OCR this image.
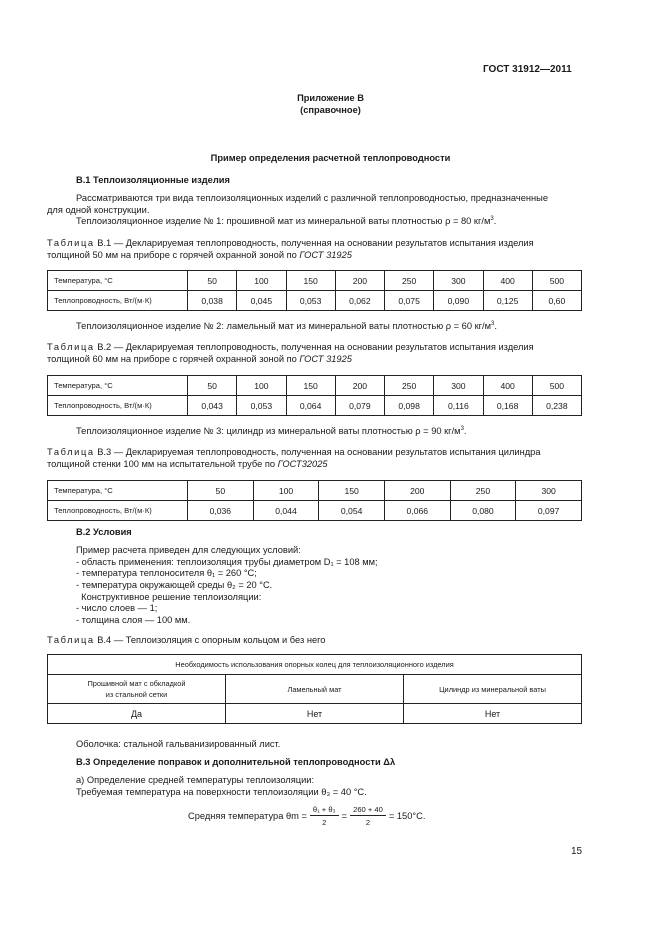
ГОСТ 31912—2011
Приложение В
(справочное)
Пример определения расчетной теплопроводности
В.1 Теплоизоляционные изделия
Рассматриваются три вида теплоизоляционных изделий с различной теплопроводностью, предназначенные
для одной конструкции.
Теплоизоляционное изделие № 1: прошивной мат из минеральной ваты плотностью ρ = 80 $кг/м^3$.
Таблица В.1 — Декларируемая теплопроводность, полученная на основании результатов испытания изделия
толщиной 50 мм на приборе с горячей охранной зоной по ГОСТ 31925
Температура, °С	50	100	150	200	250	300	400	500
Теплопроводность, Вт/(м·К)	0,038	0,045	0,053	0,062	0,075	0,090	0,125	0,60
Теплоизоляционное изделие № 2: ламельный мат из минеральной ваты плотностью ρ = 60 $кг/м^3$.
Таблица В.2 — Декларируемая теплопроводность, полученная на основании результатов испытания изделия
толщиной 60 мм на приборе с горячей охранной зоной по ГОСТ 31925
Температура, °С	50	100	150	200	250	300	400	500
Теплопроводность, Вт/(м·К)	0,043	0,053	0,064	0,079	0,098	0,116	0,168	0,238
Теплоизоляционное изделие № 3: цилиндр из минеральной ваты плотностью ρ = 90 $кг/м^3$.
Таблица В.3 — Декларируемая теплопроводность, полученная на основании результатов испытания цилиндра
толщиной стенки 100 мм на испытательной трубе по ГОСТ32025
Температура, °С	50	100	150	200	250	300
Теплопроводность, Вт/(м·К)	0,036	0,044	0,054	0,066	0,080	0,097
В.2 Условия
Пример расчета приведен для следующих условий:
- область применения: теплоизоляция трубы диаметром D₁ = 108 мм;
- температура теплоносителя θ₁ = 260 °С;
- температура окружающей среды θ₂ = 20 °С.
Конструктивное решение теплоизоляции:
- число слоев — 1;
- толщина слоя — 100 мм.
Таблица В.4 — Теплоизоляция с опорным кольцом и без него
Необходимость использования опорных колец для теплоизоляционного изделия		

Прошивной мат с обкладкой
из стальной сетки	Ламельный мат	Цилиндр из минеральной ваты
Да	Нет	Нет
Оболочка: стальной гальванизированный лист.
В.3 Определение поправок и дополнительной теплопроводности Δλ
а) Определение средней температуры теплоизоляции:
Требуемая температура на поверхности теплоизоляции θ₃ = 40 °С.
Средняя температура $\theta m = \frac{\text{θ₁ + θ₃}}{2} = \frac{260 + 40}{2} = 150^\circ С$.
15
